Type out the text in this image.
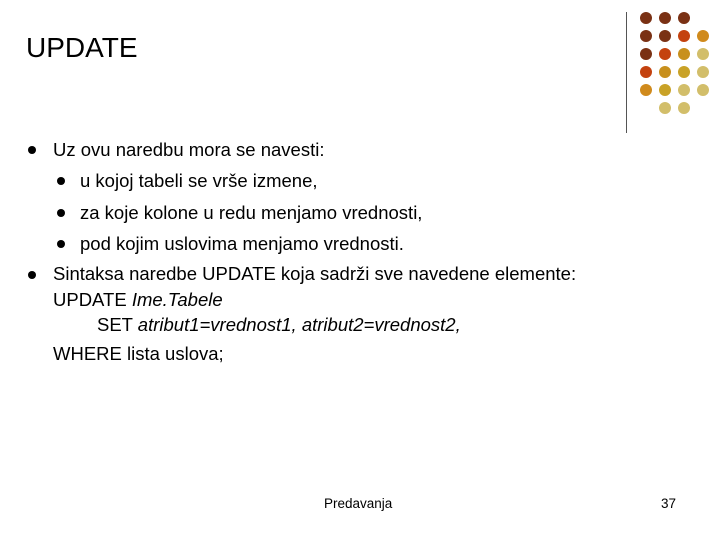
UPDATE
Uz ovu naredbu mora se navesti:
u kojoj tabeli se vrše izmene,
za koje kolone u redu menjamo vrednosti,
pod kojim uslovima menjamo vrednosti.
Sintaksa naredbe UPDATE koja sadrži sve navedene elemente:
UPDATE Ime.Tabele
SET atribut1=vrednost1, atribut2=vrednost2,
WHERE lista uslova;
Predavanja	37
